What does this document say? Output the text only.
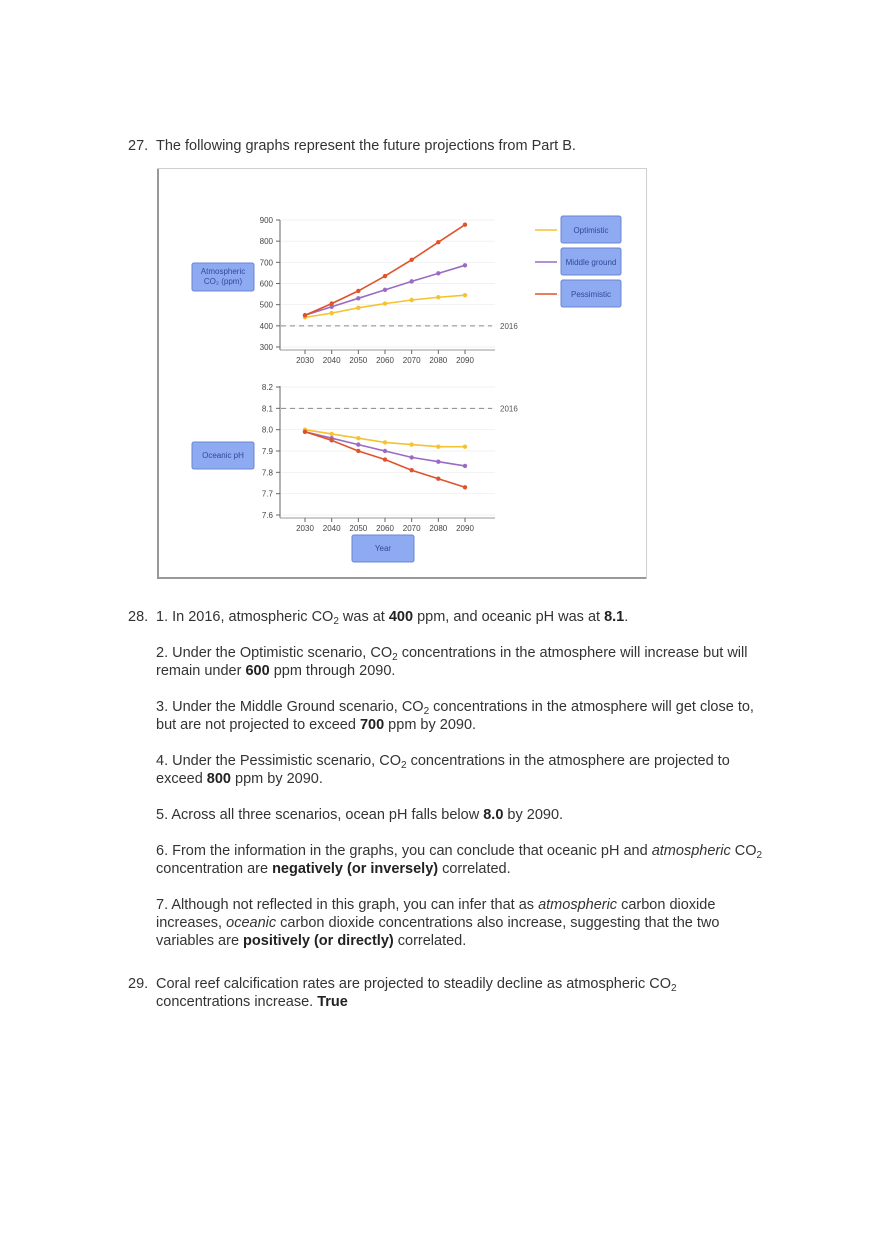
27. The following graphs represent the future projections from Part B.
900
800
700
600
500
400
300
2030 2040 2050 2060 2070 2080 2090
2016
Atmospheric
CO₂ (ppm)
Optimistic
Middle ground
Pessimistic
8.2
8.1
8.0
7.9
7.8
7.7
7.6
2030 2040 2050 2060 2070 2080 2090
2016
Oceanic pH
Year
28. 1. In 2016, atmospheric $CO_2$ was at 400 ppm, and oceanic pH was at 8.1.
2. Under the Optimistic scenario, $CO_2$ concentrations in the atmosphere will increase but will remain under 600 ppm through 2090.
3. Under the Middle Ground scenario, $CO_2$ concentrations in the atmosphere will get close to, but are not projected to exceed 700 ppm by 2090.
4. Under the Pessimistic scenario, $CO_2$ concentrations in the atmosphere are projected to exceed 800 ppm by 2090.
5. Across all three scenarios, ocean pH falls below 8.0 by 2090.
6. From the information in the graphs, you can conclude that oceanic pH and atmospheric $CO_2$ concentration are negatively (or inversely) correlated.
7. Although not reflected in this graph, you can infer that as atmospheric carbon dioxide increases, oceanic carbon dioxide concentrations also increase, suggesting that the two variables are positively (or directly) correlated.
29. Coral reef calcification rates are projected to steadily decline as atmospheric $CO_2$ concentrations increase. True
